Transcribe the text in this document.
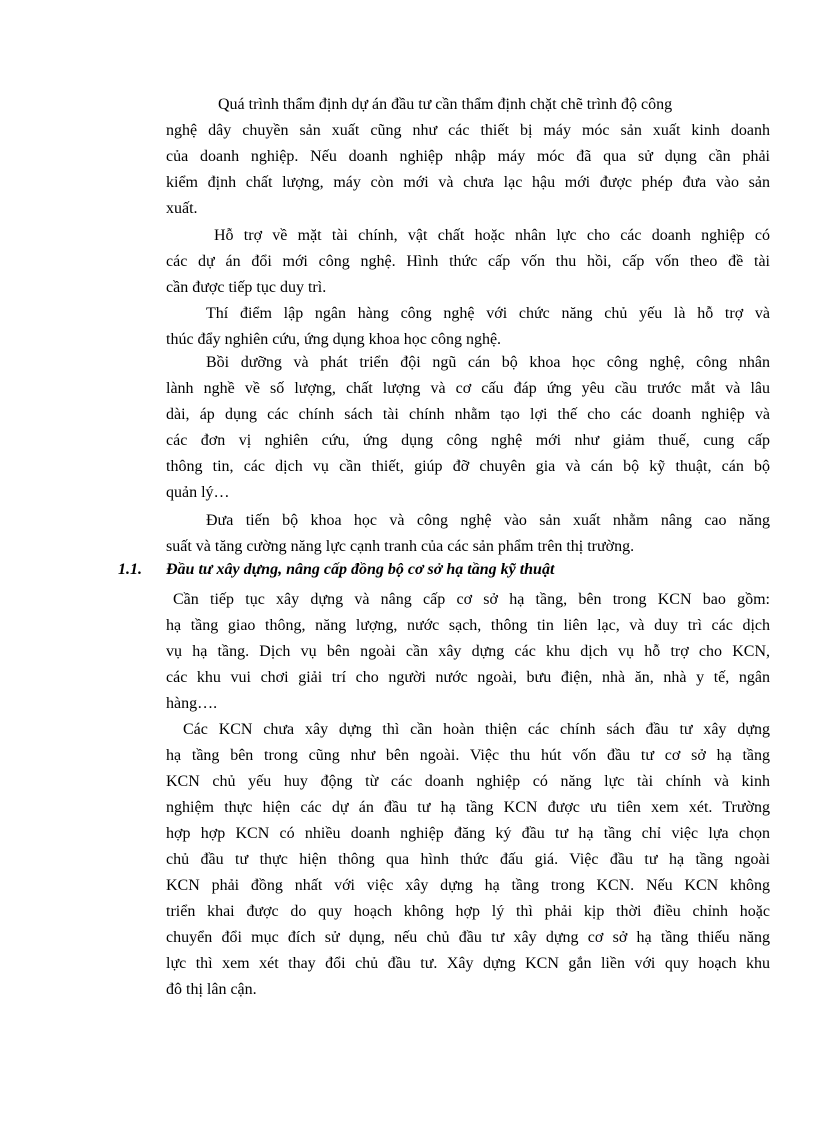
Quá trình thẩm định dự án đầu tư cần thẩm định chặt chẽ trình độ công
nghệ dây chuyền sản xuất cũng như các thiết bị máy móc sản xuất kinh doanh
của doanh nghiệp. Nếu doanh nghiệp nhập máy móc đã qua sử dụng cần phải
kiểm định chất lượng, máy còn mới và chưa lạc hậu mới được phép đưa vào sản
xuất.
Hỗ trợ về mặt tài chính, vật chất hoặc nhân lực cho các doanh nghiệp có
các dự án đổi mới công nghệ. Hình thức cấp vốn thu hồi, cấp vốn theo đề tài
cần được tiếp tục duy trì.
Thí điểm lập ngân hàng công nghệ với chức năng chủ yếu là hỗ trợ và
thúc đẩy nghiên cứu, ứng dụng khoa học công nghệ.
Bồi dưỡng và phát triển đội ngũ cán bộ khoa học công nghệ, công nhân
lành nghề về số lượng, chất lượng và cơ cấu đáp ứng yêu cầu trước mắt và lâu
dài, áp dụng các chính sách tài chính nhằm tạo lợi thế cho các doanh nghiệp và
các đơn vị nghiên cứu, ứng dụng công nghệ mới như giảm thuế, cung cấp
thông tin, các dịch vụ cần thiết, giúp đỡ chuyên gia và cán bộ kỹ thuật, cán bộ
quản lý…
Đưa tiến bộ khoa học và công nghệ vào sản xuất nhằm nâng cao năng
suất và tăng cường năng lực cạnh tranh của các sản phẩm trên thị trường.
1.1. Đầu tư xây dựng, nâng cấp đồng bộ cơ sở hạ tầng kỹ thuật
Cần tiếp tục xây dựng và nâng cấp cơ sở hạ tầng, bên trong KCN bao gồm:
hạ tầng giao thông, năng lượng, nước sạch, thông tin liên lạc, và duy trì các dịch
vụ hạ tầng. Dịch vụ bên ngoài cần xây dựng các khu dịch vụ hỗ trợ cho KCN,
các khu vui chơi giải trí cho người nước ngoài, bưu điện, nhà ăn, nhà y tế, ngân
hàng….
Các KCN chưa xây dựng thì cần hoàn thiện các chính sách đầu tư xây dựng
hạ tầng bên trong cũng như bên ngoài. Việc thu hút vốn đầu tư cơ sở hạ tầng
KCN chủ yếu huy động từ các doanh nghiệp có năng lực tài chính và kinh
nghiệm thực hiện các dự án đầu tư hạ tầng KCN được ưu tiên xem xét. Trường
hợp hợp KCN có nhiều doanh nghiệp đăng ký đầu tư hạ tầng chỉ việc lựa chọn
chủ đầu tư thực hiện thông qua hình thức đấu giá. Việc đầu tư hạ tầng ngoài
KCN phải đồng nhất với việc xây dựng hạ tầng trong KCN. Nếu KCN không
triển khai được do quy hoạch không hợp lý thì phải kịp thời điều chỉnh hoặc
chuyển đổi mục đích sử dụng, nếu chủ đầu tư xây dựng cơ sở hạ tầng thiếu năng
lực thì xem xét thay đổi chủ đầu tư. Xây dựng KCN gắn liền với quy hoạch khu
đô thị lân cận.
